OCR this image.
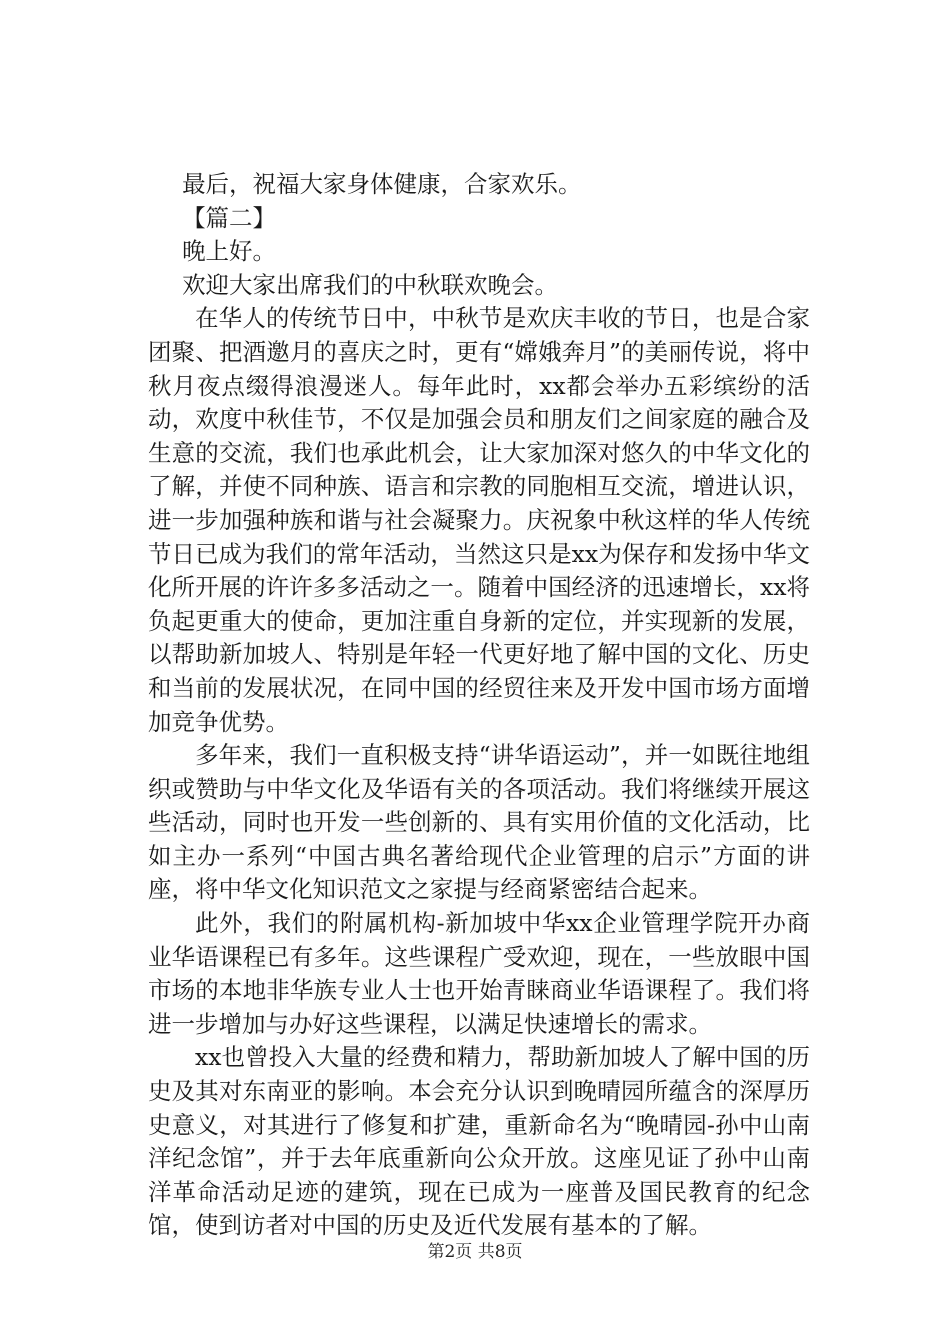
最后，祝福大家身体健康，合家欢乐。

【篇二】

晚上好。

欢迎大家出席我们的中秋联欢晚会。

在华人的传统节日中，中秋节是欢庆丰收的节日，也是合家团聚、把酒邀月的喜庆之时，更有“嫦娥奔月”的美丽传说，将中秋月夜点缀得浪漫迷人。每年此时，xx都会举办五彩缤纷的活动，欢度中秋佳节，不仅是加强会员和朋友们之间家庭的融合及生意的交流，我们也承此机会，让大家加深对悠久的中华文化的了解，并使不同种族、语言和宗教的同胞相互交流，增进认识，进一步加强种族和谐与社会凝聚力。庆祝象中秋这样的华人传统节日已成为我们的常年活动，当然这只是xx为保存和发扬中华文化所开展的许许多多活动之一。随着中国经济的迅速增长，xx将负起更重大的使命，更加注重自身新的定位，并实现新的发展，以帮助新加坡人、特别是年轻一代更好地了解中国的文化、历史和当前的发展状况，在同中国的经贸往来及开发中国市场方面增加竞争优势。

多年来，我们一直积极支持“讲华语运动”，并一如既往地组织或赞助与中华文化及华语有关的各项活动。我们将继续开展这些活动，同时也开发一些创新的、具有实用价值的文化活动，比如主办一系列“中国古典名著给现代企业管理的启示”方面的讲座，将中华文化知识范文之家提与经商紧密结合起来。

此外，我们的附属机构-新加坡中华xx企业管理学院开办商业华语课程已有多年。这些课程广受欢迎，现在，一些放眼中国市场的本地非华族专业人士也开始青睐商业华语课程了。我们将进一步增加与办好这些课程，以满足快速增长的需求。

xx也曾投入大量的经费和精力，帮助新加坡人了解中国的历史及其对东南亚的影响。本会充分认识到晚晴园所蕴含的深厚历史意义，对其进行了修复和扩建，重新命名为“晚晴园-孙中山南洋纪念馆”，并于去年底重新向公众开放。这座见证了孙中山南洋革命活动足迹的建筑，现在已成为一座普及国民教育的纪念馆，使到访者对中国的历史及近代发展有基本的了解。

第2页 共8页
